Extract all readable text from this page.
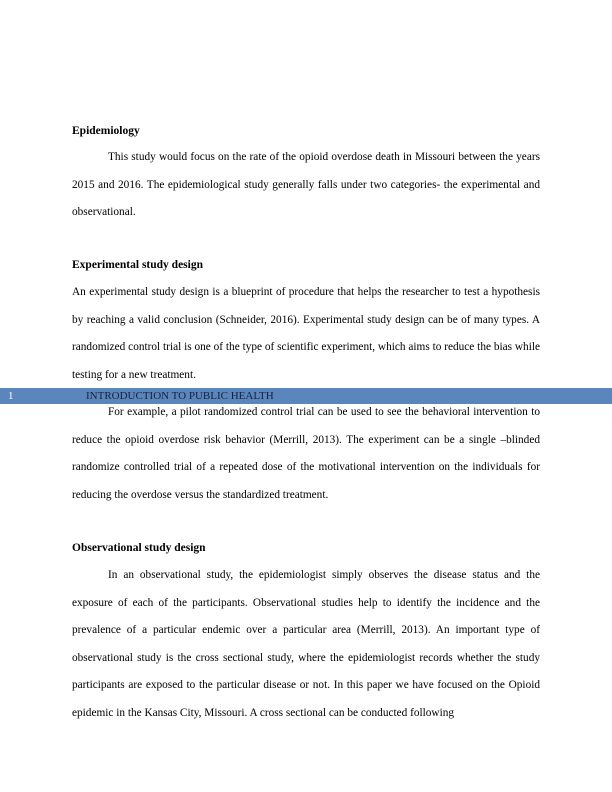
Epidemiology

This study would focus on the rate of the opioid overdose death in Missouri between the years 2015 and 2016. The epidemiological study generally falls under two categories- the experimental and observational.

Experimental study design

An experimental study design is a blueprint of procedure that helps the researcher to test a hypothesis by reaching a valid conclusion (Schneider, 2016). Experimental study design can be of many types. A randomized control trial is one of the type of scientific experiment, which aims to reduce the bias while testing for a new treatment.

1	INTRODUCTION TO PUBLIC HEALTH

For example, a pilot randomized control trial can be used to see the behavioral intervention to reduce the opioid overdose risk behavior (Merrill, 2013). The experiment can be a single –blinded randomize controlled trial of a repeated dose of the motivational intervention on the individuals for reducing the overdose versus the standardized treatment.

Observational study design

In an observational study, the epidemiologist simply observes the disease status and the exposure of each of the participants. Observational studies help to identify the incidence and the prevalence of a particular endemic over a particular area (Merrill, 2013). An important type of observational study is the cross sectional study, where the epidemiologist records whether the study participants are exposed to the particular disease or not. In this paper we have focused on the Opioid epidemic in the Kansas City, Missouri. A cross sectional can be conducted following
